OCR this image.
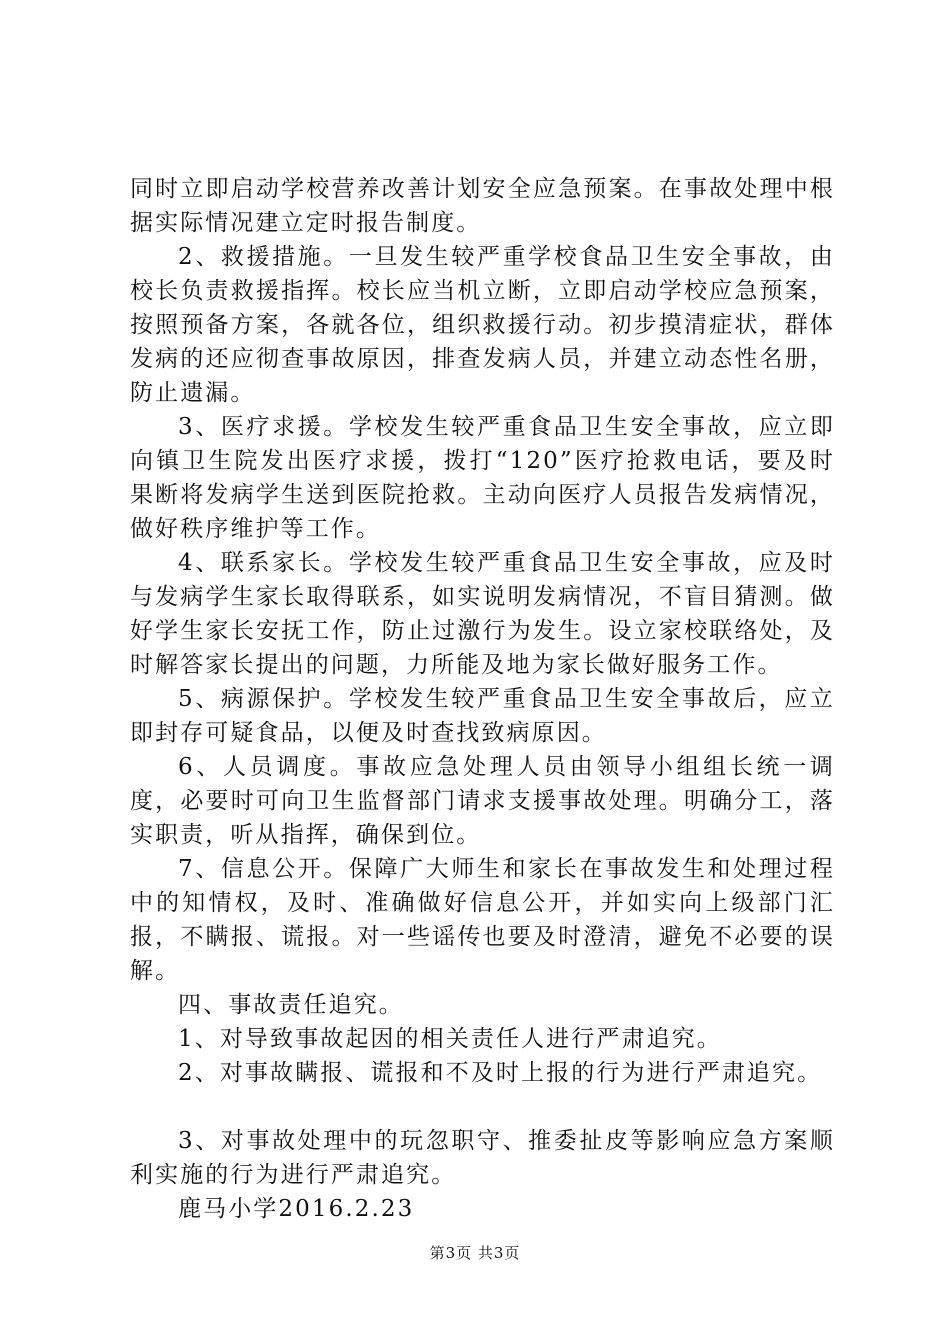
同时立即启动学校营养改善计划安全应急预案。在事故处理中根据实际情况建立定时报告制度。

2、救援措施。一旦发生较严重学校食品卫生安全事故，由校长负责救援指挥。校长应当机立断，立即启动学校应急预案，按照预备方案，各就各位，组织救援行动。初步摸清症状，群体发病的还应彻查事故原因，排查发病人员，并建立动态性名册，防止遗漏。

3、医疗求援。学校发生较严重食品卫生安全事故，应立即向镇卫生院发出医疗求援，拨打“120”医疗抢救电话，要及时果断将发病学生送到医院抢救。主动向医疗人员报告发病情况，做好秩序维护等工作。

4、联系家长。学校发生较严重食品卫生安全事故，应及时与发病学生家长取得联系，如实说明发病情况，不盲目猜测。做好学生家长安抚工作，防止过激行为发生。设立家校联络处，及时解答家长提出的问题，力所能及地为家长做好服务工作。

5、病源保护。学校发生较严重食品卫生安全事故后，应立即封存可疑食品，以便及时查找致病原因。

6、人员调度。事故应急处理人员由领导小组组长统一调度，必要时可向卫生监督部门请求支援事故处理。明确分工，落实职责，听从指挥，确保到位。

7、信息公开。保障广大师生和家长在事故发生和处理过程中的知情权，及时、准确做好信息公开，并如实向上级部门汇报，不瞒报、谎报。对一些谣传也要及时澄清，避免不必要的误解。

四、事故责任追究。

1、对导致事故起因的相关责任人进行严肃追究。

2、对事故瞒报、谎报和不及时上报的行为进行严肃追究。

3、对事故处理中的玩忽职守、推委扯皮等影响应急方案顺利实施的行为进行严肃追究。

鹿马小学2016.2.23

第3页 共3页
